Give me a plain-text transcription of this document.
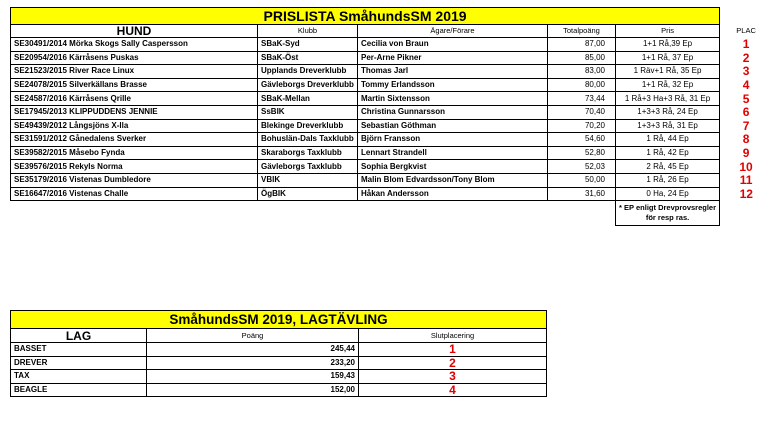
PRISLISTA SmåhundsSM 2019					
HUND	Klubb	Ägare/Förare	Totalpoäng	Pris	PLAC
SE30491/2014 Mörka Skogs Sally Caspersson	SBaK-Syd	Cecilia von Braun	87,00	1+1 Rå,39 Ep	1
SE20954/2016 Kärråsens Puskas	SBaK-Öst	Per-Arne Pikner	85,00	1+1 Rå, 37 Ep	2
SE21523/2015 River Race Linux	Upplands Dreverklubb	Thomas Jarl	83,00	1 Räv+1 Rå, 35 Ep	3
SE24078/2015 Silverkällans Brasse	Gävleborgs Dreverklubb	Tommy Erlandsson	80,00	1+1 Rå, 32 Ep	4
SE24587/2016 Kärråsens Qrille	SBaK-Mellan	Martin Sixtensson	73,44	1 Rå+3 Ha+3 Rå, 31 Ep	5
SE17945/2013 KLIPPUDDENS JENNIE	SsBIK	Christina Gunnarsson	70,40	1+3+3 Rå, 24 Ep	6
SE49439/2012 Långsjöns X-lla	Blekinge Dreverklubb	Sebastian Göthman	70,20	1+3+3 Rå, 31 Ep	7
SE31591/2012 Gånedalens Sverker	Bohuslän-Dals Taxklubb	Björn Fransson	54,60	1 Rå, 44 Ep	8
SE39582/2015 Måsebo Fynda	Skaraborgs Taxklubb	Lennart Strandell	52,80	1 Rå, 42 Ep	9
SE39576/2015 Rekyls Norma	Gävleborgs Taxklubb	Sophia Bergkvist	52,03	2 Rå, 45 Ep	10
SE35179/2016 Vistenas Dumbledore	VBIK	Malin Blom Edvardsson/Tony Blom	50,00	1 Rå, 26 Ep	11
SE16647/2016 Vistenas Challe	ÖgBIK	Håkan Andersson	31,60	0 Ha, 24 Ep	12
				* EP enligt Drevprovsregler för resp ras.	
SmåhundsSM 2019, LAGTÄVLING		
LAG	Poäng	Slutplacering
BASSET	245,44	1
DREVER	233,20	2
TAX	159,43	3
BEAGLE	152,00	4
